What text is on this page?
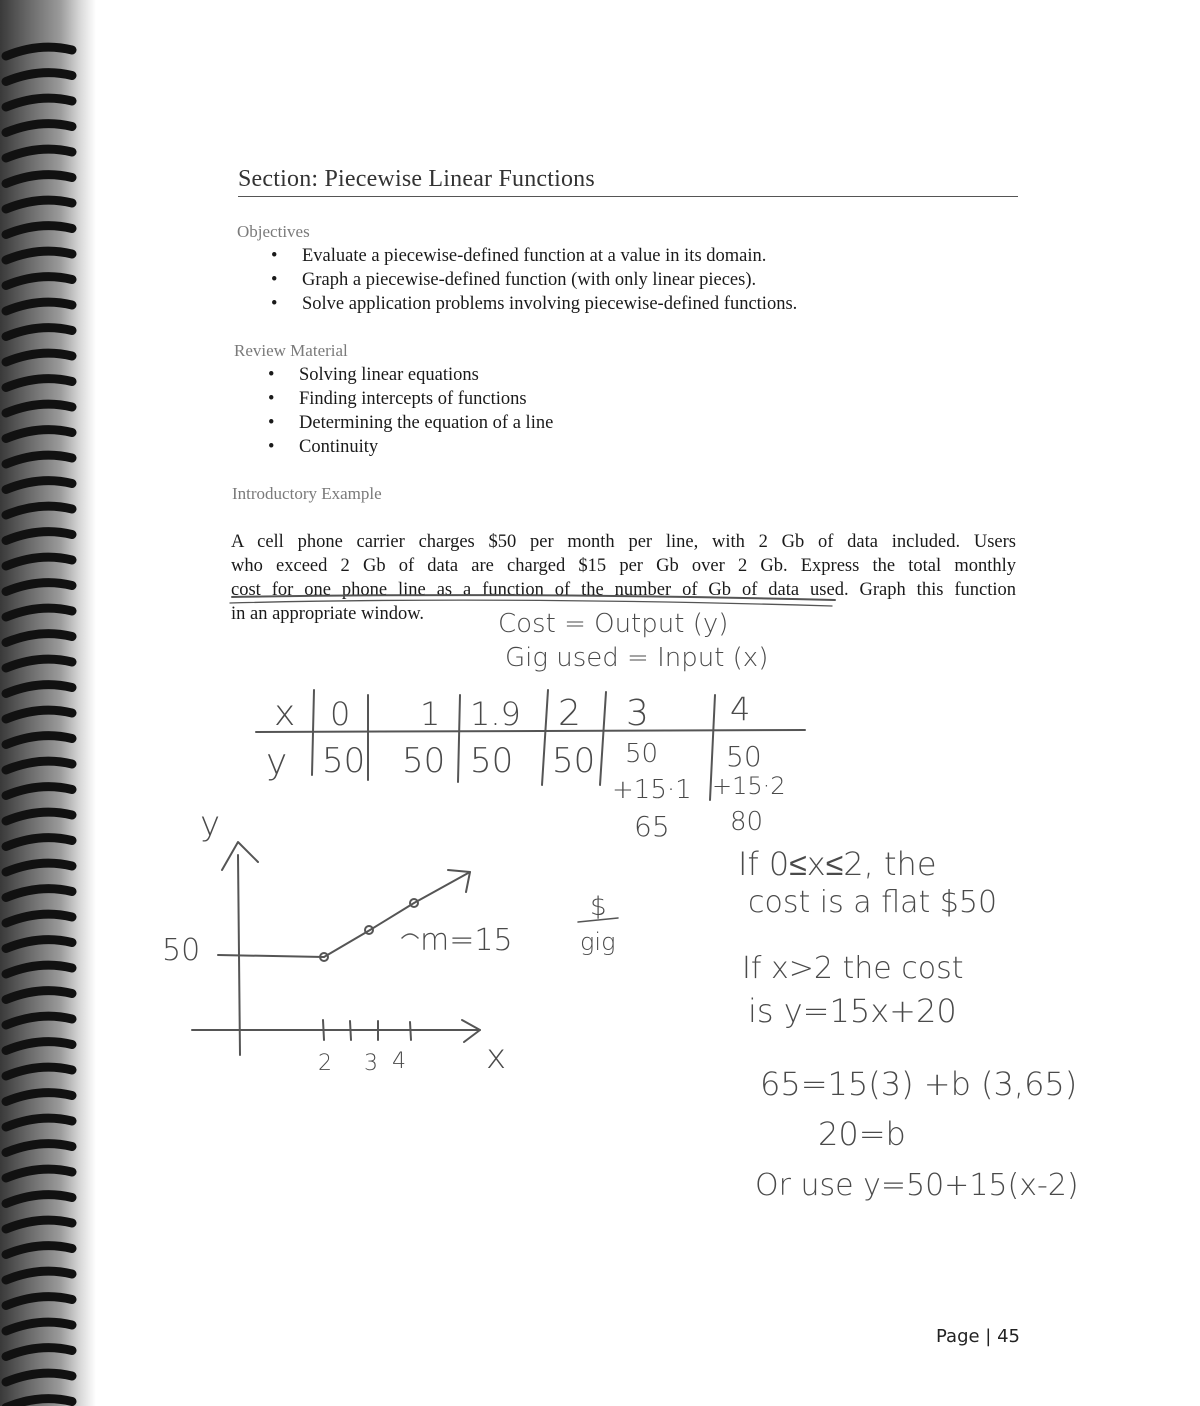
Section: Piecewise Linear Functions
Objectives
• Evaluate a piecewise-defined function at a value in its domain.
• Graph a piecewise-defined function (with only linear pieces).
• Solve application problems involving piecewise-defined functions.
Review Material
• Solving linear equations
• Finding intercepts of functions
• Determining the equation of a line
• Continuity
Introductory Example

A cell phone carrier charges $50 per month per line, with 2 Gb of data included. Users
who exceed 2 Gb of data are charged $15 per Gb over 2 Gb. Express the total monthly
cost for one phone line as a function of the number of Gb of data used. Graph this function
in an appropriate window.	Cost = Output (y)
Gig used = Input (x)
x
y
0 1 1.9 2 3	4
50 50 50 50 50 50
+15·1 +15·2
65 80
y
x
50
2 3 4
m=15
$
gig
If 0≤x≤2, the
cost is a flat $50
If x>2 the cost
is y=15x+20
65=15(3) +b (3,65)
20=b
Or use y=50+15(x-2)
Page | 45
